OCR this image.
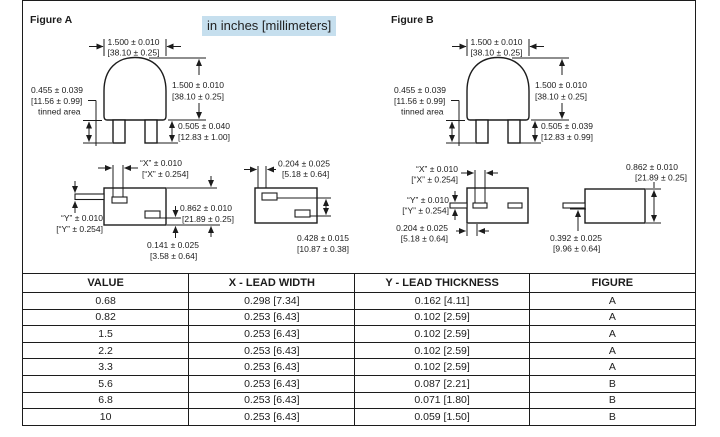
Figure A	in inches [millimeters]	Figure B
1.500 ± 0.010
[38.10 ± 0.25]
1.500 ± 0.010
[38.10 ± 0.25]
0.505 ± 0.040
[12.83 ± 1.00]
0.455 ± 0.039
[11.56 ± 0.99]
tinned area
1.500 ± 0.010
[38.10 ± 0.25]
1.500 ± 0.010
[38.10 ± 0.25]
0.505 ± 0.039
[12.83 ± 0.99]
0.455 ± 0.039
[11.56 ± 0.99]
tinned area
“X” ± 0.010
[“X” ± 0.254]
“Y” ± 0.010
[“Y” ± 0.254]
0.862 ± 0.010
[21.89 ± 0.25]
0.141 ± 0.025
[3.58 ± 0.64]
0.204 ± 0.025
[5.18 ± 0.64]
0.428 ± 0.015
[10.87 ± 0.38]
“X” ± 0.010
[“X” ± 0.254]
“Y” ± 0.010
[“Y” ± 0.254]
0.204 ± 0.025
[5.18 ± 0.64]
0.862 ± 0.010
[21.89 ± 0.25]
0.392 ± 0.025
[9.96 ± 0.64]
VALUE	X - LEAD WIDTH	Y - LEAD THICKNESS	FIGURE
0.68	0.298 [7.34]	0.162 [4.11]	A
0.82	0.253 [6.43]	0.102 [2.59]	A
1.5	0.253 [6.43]	0.102 [2.59]	A
2.2	0.253 [6.43]	0.102 [2.59]	A
3.3	0.253 [6.43]	0.102 [2.59]	A
5.6	0.253 [6.43]	0.087 [2.21]	B
6.8	0.253 [6.43]	0.071 [1.80]	B
10	0.253 [6.43]	0.059 [1.50]	B
